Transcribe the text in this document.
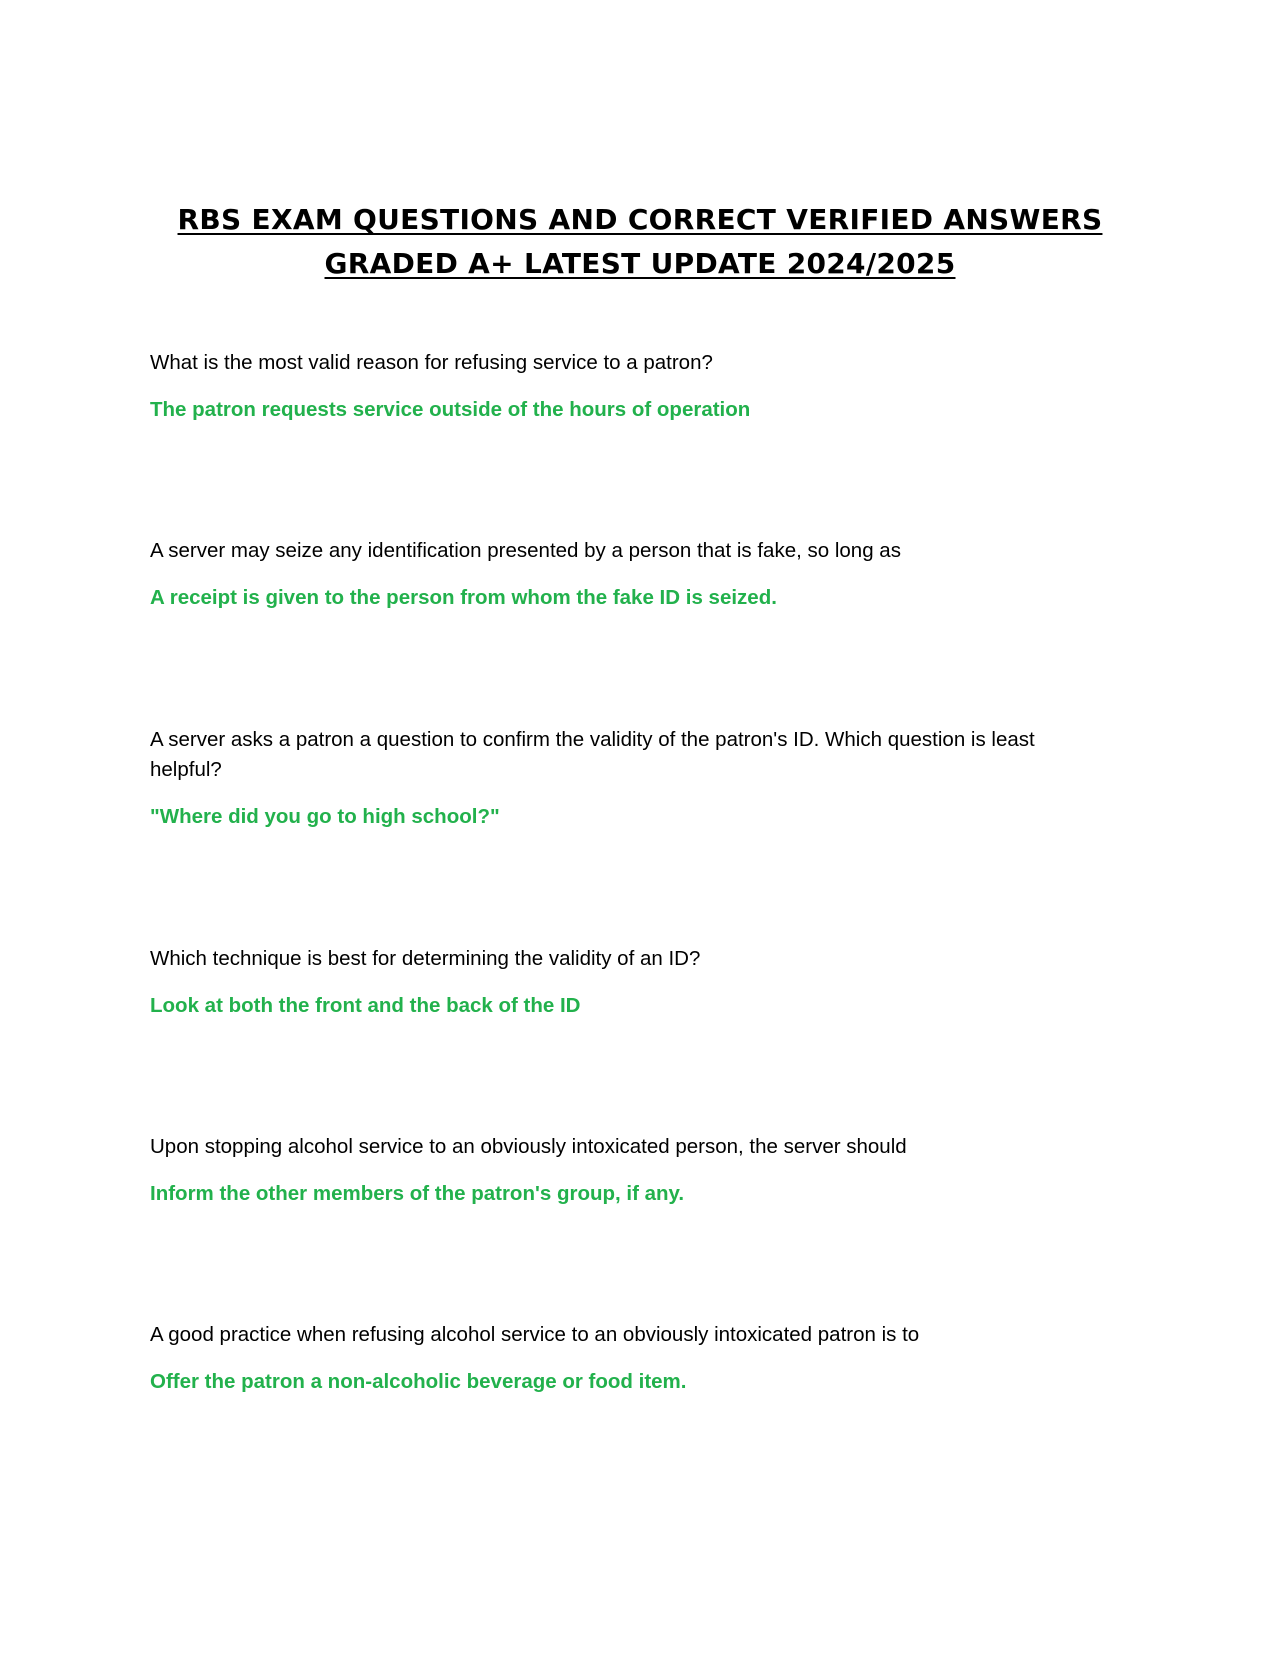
RBS EXAM QUESTIONS AND CORRECT VERIFIED ANSWERS
GRADED A+ LATEST UPDATE 2024/2025

What is the most valid reason for refusing service to a patron?

The patron requests service outside of the hours of operation

A server may seize any identification presented by a person that is fake, so long as

A receipt is given to the person from whom the fake ID is seized.

A server asks a patron a question to confirm the validity of the patron's ID. Which question is least helpful?

"Where did you go to high school?"

Which technique is best for determining the validity of an ID?

Look at both the front and the back of the ID

Upon stopping alcohol service to an obviously intoxicated person, the server should

Inform the other members of the patron's group, if any.

A good practice when refusing alcohol service to an obviously intoxicated patron is to

Offer the patron a non-alcoholic beverage or food item.
